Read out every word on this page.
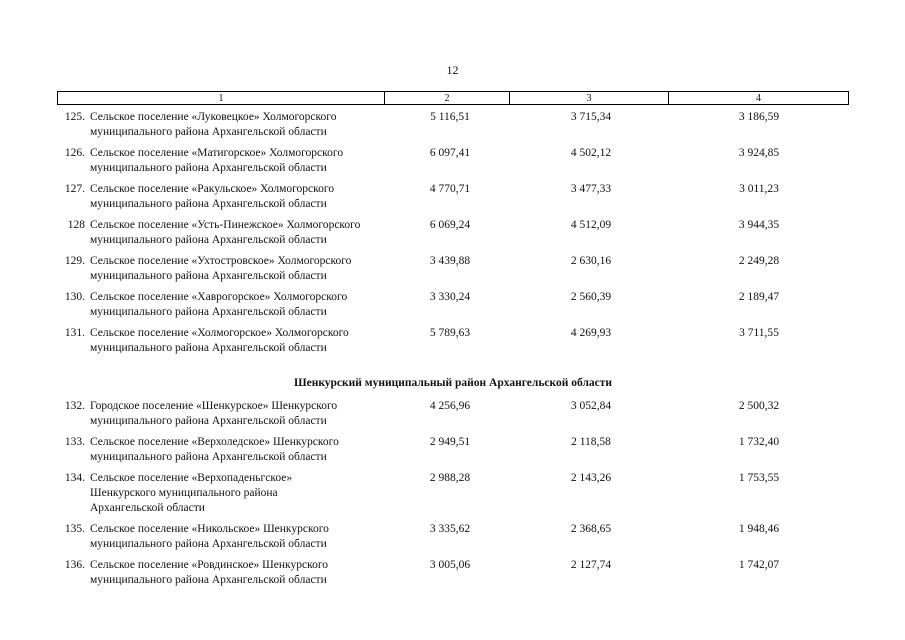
12
1	2	3	4
125. Сельское поселение «Луковецкое» Холмогорского муниципального района Архангельской области
5 116,51	3 715,34	3 186,59
126. Сельское поселение «Матигорское» Холмогорского муниципального района Архангельской области
6 097,41	4 502,12	3 924,85
127. Сельское поселение «Ракульское» Холмогорского муниципального района Архангельской области
4 770,71	3 477,33	3 011,23
128 Сельское поселение «Усть-Пинежское» Холмогорского муниципального района Архангельской области
6 069,24	4 512,09	3 944,35
129. Сельское поселение «Ухтостровское» Холмогорского муниципального района Архангельской области
3 439,88	2 630,16	2 249,28
130. Сельское поселение «Хаврогорское» Холмогорского муниципального района Архангельской области
3 330,24	2 560,39	2 189,47
131. Сельское поселение «Холмогорское» Холмогорского муниципального района Архангельской области
5 789,63	4 269,93	3 711,55
Шенкурский муниципальный район Архангельской области
132. Городское поселение «Шенкурское» Шенкурского муниципального района Архангельской области
4 256,96	3 052,84	2 500,32
133. Сельское поселение «Верхоледское» Шенкурского муниципального района Архангельской области
2 949,51	2 118,58	1 732,40
134. Сельское поселение «Верхопаденьгское» Шенкурского муниципального района Архангельской области
2 988,28	2 143,26	1 753,55
135. Сельское поселение «Никольское» Шенкурского муниципального района Архангельской области
3 335,62	2 368,65	1 948,46
136. Сельское поселение «Ровдинское» Шенкурского муниципального района Архангельской области
3 005,06	2 127,74	1 742,07
